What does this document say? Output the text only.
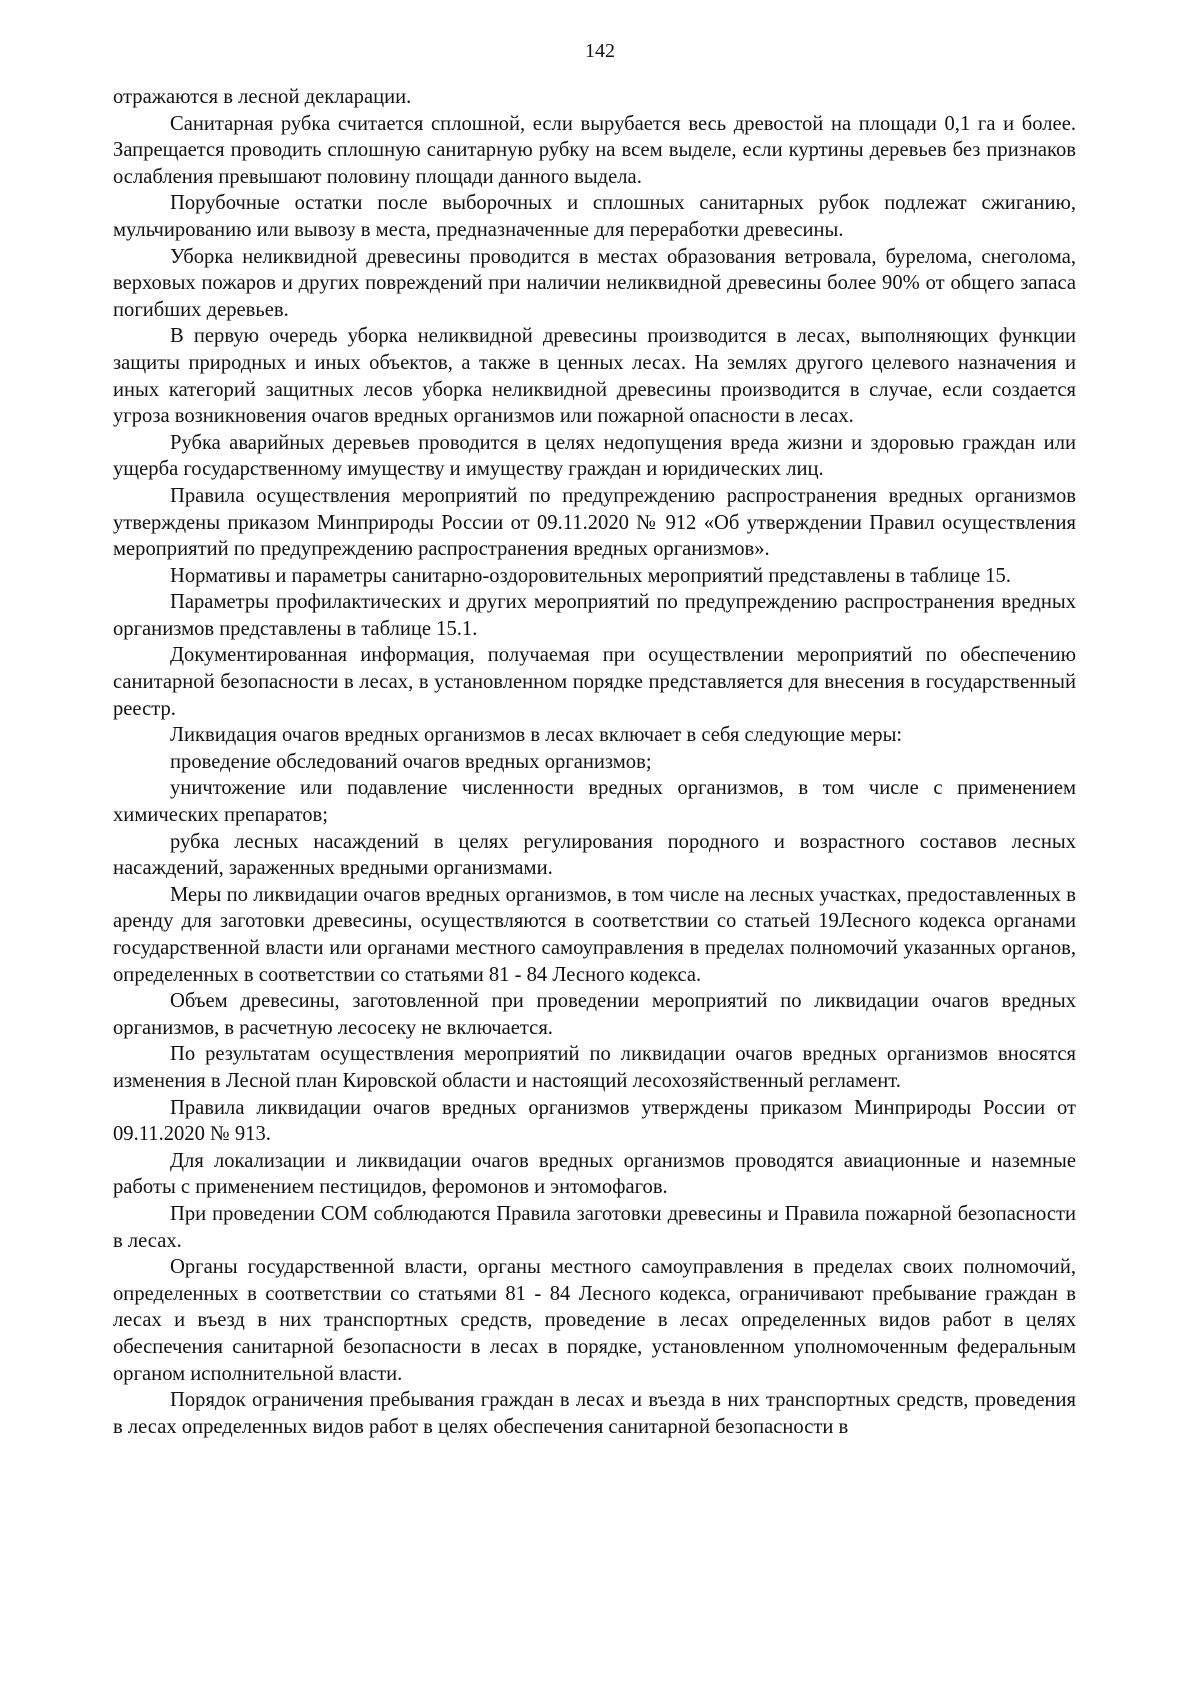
142

отражаются в лесной декларации.

Санитарная рубка считается сплошной, если вырубается весь древостой на площади 0,1 га и более. Запрещается проводить сплошную санитарную рубку на всем выделе, если куртины деревьев без признаков ослабления превышают половину площади данного выдела.

Порубочные остатки после выборочных и сплошных санитарных рубок подлежат сжиганию, мульчированию или вывозу в места, предназначенные для переработки древесины.

Уборка неликвидной древесины проводится в местах образования ветровала, бурелома, снеголома, верховых пожаров и других повреждений при наличии неликвидной древесины более 90% от общего запаса погибших деревьев.

В первую очередь уборка неликвидной древесины производится в лесах, выполняющих функции защиты природных и иных объектов, а также в ценных лесах. На землях другого целевого назначения и иных категорий защитных лесов уборка неликвидной древесины производится в случае, если создается угроза возникновения очагов вредных организмов или пожарной опасности в лесах.

Рубка аварийных деревьев проводится в целях недопущения вреда жизни и здоровью граждан или ущерба государственному имуществу и имуществу граждан и юридических лиц.

Правила осуществления мероприятий по предупреждению распространения вредных организмов утверждены приказом Минприроды России от 09.11.2020 № 912 «Об утверждении Правил осуществления мероприятий по предупреждению распространения вредных организмов».

Нормативы и параметры санитарно-оздоровительных мероприятий представлены в таблице 15.

Параметры профилактических и других мероприятий по предупреждению распространения вредных организмов представлены в таблице 15.1.

Документированная информация, получаемая при осуществлении мероприятий по обеспечению санитарной безопасности в лесах, в установленном порядке представляется для внесения в государственный реестр.

Ликвидация очагов вредных организмов в лесах включает в себя следующие меры:

проведение обследований очагов вредных организмов;

уничтожение или подавление численности вредных организмов, в том числе с применением химических препаратов;

рубка лесных насаждений в целях регулирования породного и возрастного составов лесных насаждений, зараженных вредными организмами.

Меры по ликвидации очагов вредных организмов, в том числе на лесных участках, предоставленных в аренду для заготовки древесины, осуществляются в соответствии со статьей 19Лесного кодекса органами государственной власти или органами местного самоуправления в пределах полномочий указанных органов, определенных в соответствии со статьями 81 - 84 Лесного кодекса.

Объем древесины, заготовленной при проведении мероприятий по ликвидации очагов вредных организмов, в расчетную лесосеку не включается.

По результатам осуществления мероприятий по ликвидации очагов вредных организмов вносятся изменения в Лесной план Кировской области и настоящий лесохозяйственный регламент.

Правила ликвидации очагов вредных организмов утверждены приказом Минприроды России от 09.11.2020 № 913.

Для локализации и ликвидации очагов вредных организмов проводятся авиационные и наземные работы с применением пестицидов, феромонов и энтомофагов.

При проведении СОМ соблюдаются Правила заготовки древесины и Правила пожарной безопасности в лесах.

Органы государственной власти, органы местного самоуправления в пределах своих полномочий, определенных в соответствии со статьями 81 - 84 Лесного кодекса, ограничивают пребывание граждан в лесах и въезд в них транспортных средств, проведение в лесах определенных видов работ в целях обеспечения санитарной безопасности в лесах в порядке, установленном уполномоченным федеральным органом исполнительной власти.

Порядок ограничения пребывания граждан в лесах и въезда в них транспортных средств, проведения в лесах определенных видов работ в целях обеспечения санитарной безопасности в
